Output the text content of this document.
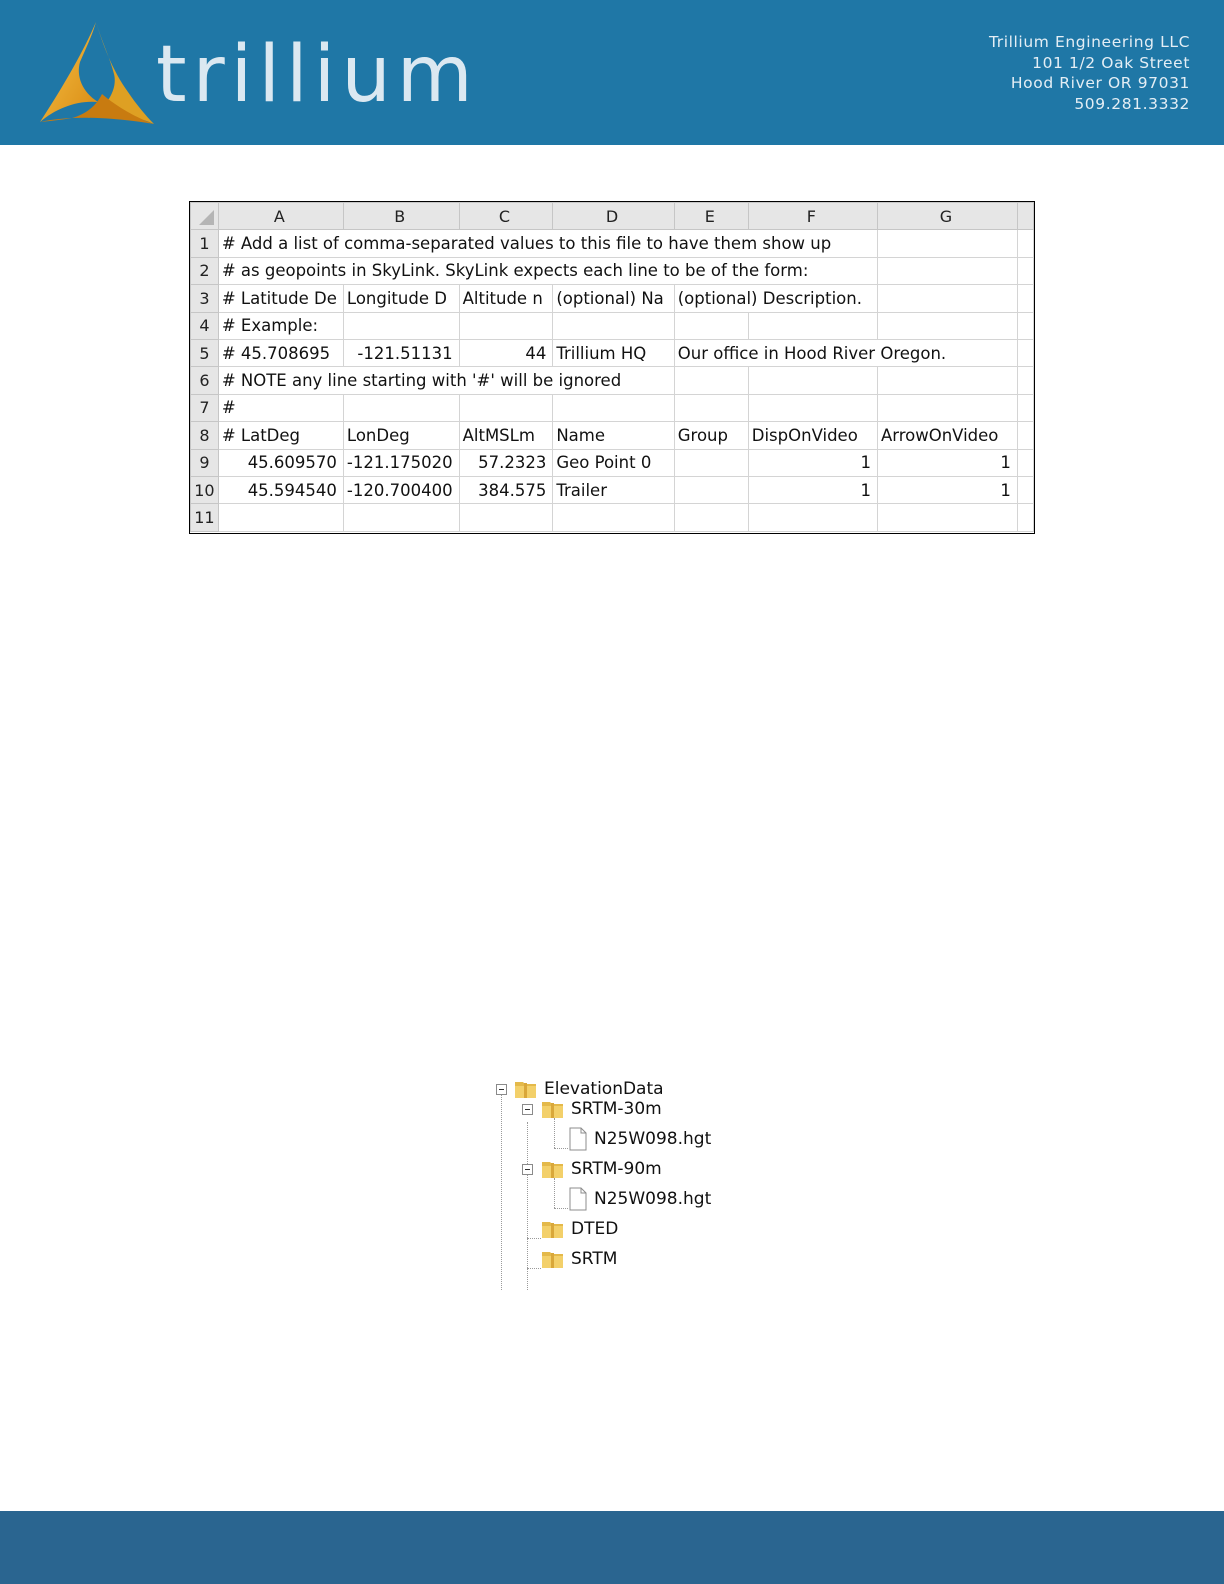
trillium	Trillium Engineering LLC
101 1/2 Oak Street
Hood River OR 97031
509.281.3332
	A	B	C	D	E	F	G	
1	# Add a list of comma-separated values to this file to have them show up							
2	# as geopoints in SkyLink. SkyLink expects each line to be of the form:							
3	# Latitude De	Longitude D	Altitude n	(optional) Na	(optional) Description.			
4	# Example:							
5	# 45.708695	-121.51131	44	Trillium HQ	Our office in Hood River Oregon.			
6	# NOTE any line starting with '#' will be ignored							
7	#							
8	# LatDeg	LonDeg	AltMSLm	Name	Group	DispOnVideo	ArrowOnVideo	
9	45.609570	-121.175020	57.2323	Geo Point 0		1	1	
10	45.594540	-120.700400	384.575	Trailer		1	1	
11								
ElevationData
SRTM-30m
N25W098.hgt
SRTM-90m
N25W098.hgt
DTED
SRTM
